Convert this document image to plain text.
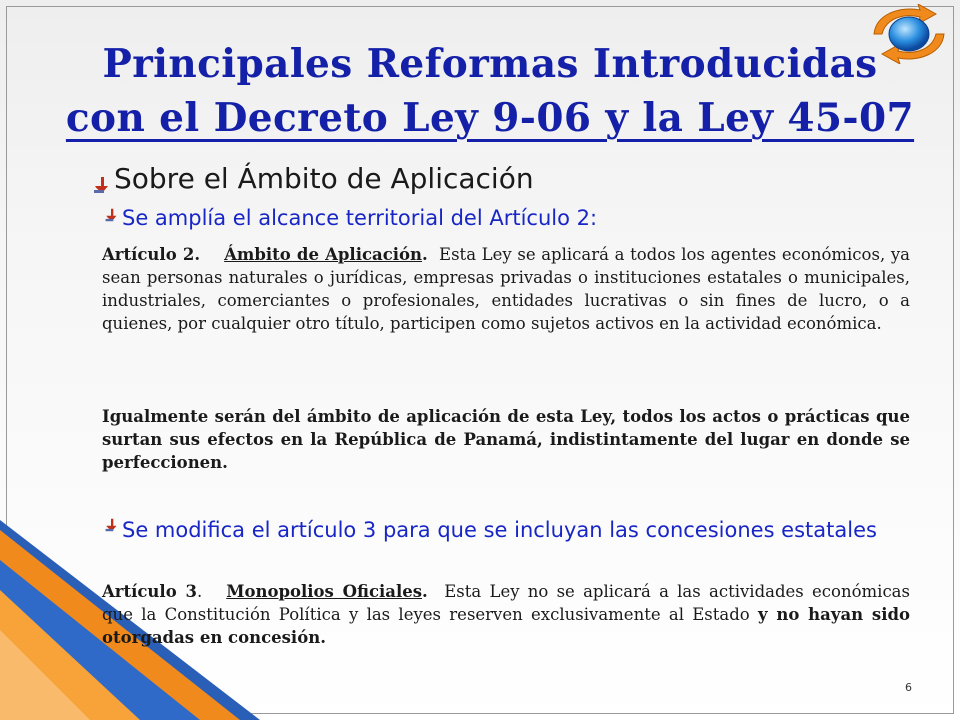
Principales Reformas Introducidas
con el Decreto Ley 9-06 y la Ley 45-07
Sobre el Ámbito de Aplicación
Se amplía el alcance territorial del Artículo 2:
Artículo 2. Ámbito de Aplicación. Esta Ley se aplicará a todos los agentes económicos, ya sean personas naturales o jurídicas, empresas privadas o instituciones estatales o municipales, industriales, comerciantes o profesionales, entidades lucrativas o sin fines de lucro, o a quienes, por cualquier otro título, participen como sujetos activos en la actividad económica.
Igualmente serán del ámbito de aplicación de esta Ley, todos los actos o prácticas que surtan sus efectos en la República de Panamá, indistintamente del lugar en donde se perfeccionen.
Se modifica el artículo 3 para que se incluyan las concesiones estatales
Artículo 3. Monopolios Oficiales. Esta Ley no se aplicará a las actividades económicas que la Constitución Política y las leyes reserven exclusivamente al Estado y no hayan sido otorgadas en concesión.
6
